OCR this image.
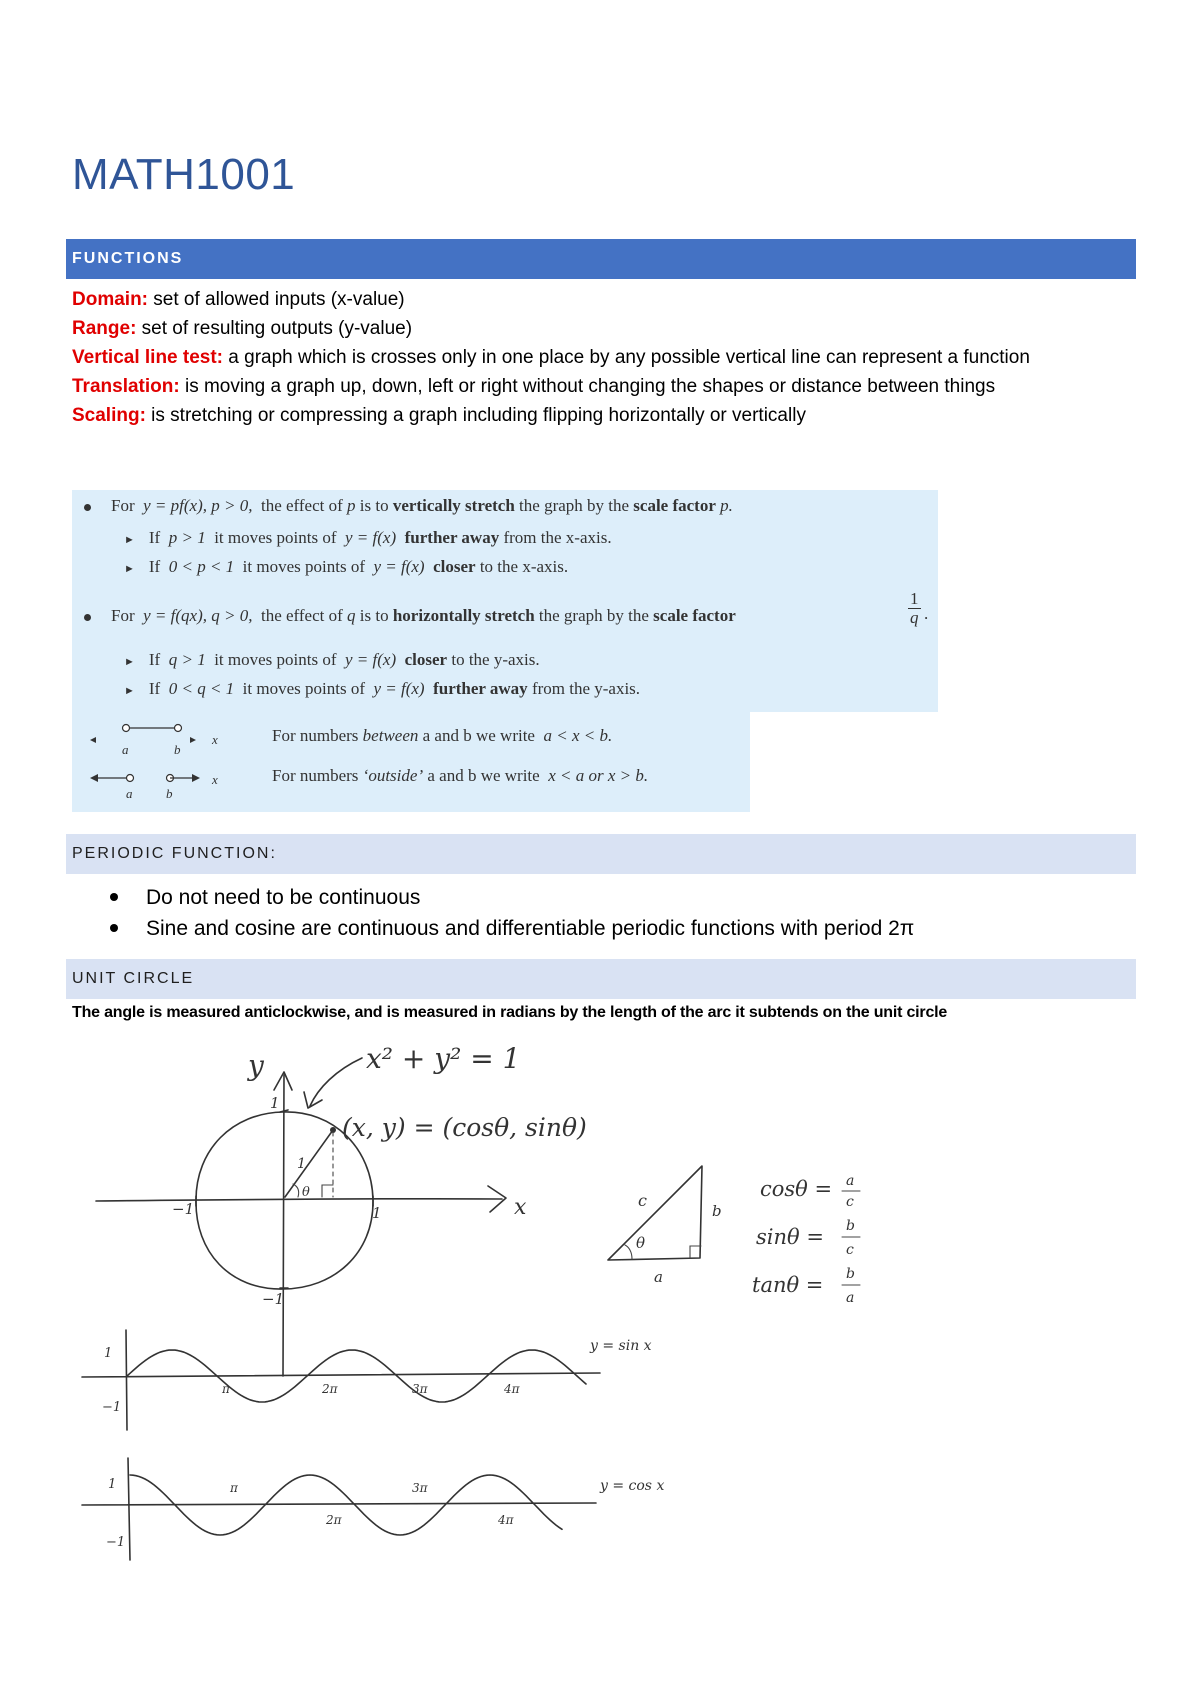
MATH1001
FUNCTIONS

Domain: set of allowed inputs (x-value)

Range: set of resulting outputs (y-value)

Vertical line test: a graph which is crosses only in one place by any possible vertical line can represent a function

Translation: is moving a graph up, down, left or right without changing the shapes or distance between things

Scaling: is stretching or compressing a graph including flipping horizontally or vertically

For y = pf(x), p > 0, the effect of p is to vertically stretch the graph by the scale factor p.
► If p > 1 it moves points of y = f(x) further away from the x-axis.
► If 0 < p < 1 it moves points of y = f(x) closer to the x-axis.
For y = f(qx), q > 0, the effect of q is to horizontally stretch the graph by the scale factor	$\frac{1}{q}$ .
► If q > 1 it moves points of y = f(x) closer to the y-axis.
► If 0 < q < 1 it moves points of y = f(x) further away from the y-axis.
a	b
x
a	b
x
For numbers between a and b we write a < x < b.
For numbers ‘outside’ a and b we write x < a or x > b.
PERIODIC FUNCTION:
Do not need to be continuous
Sine and cosine are continuous and differentiable periodic functions with period 2π
UNIT CIRCLE
The angle is measured anticlockwise, and is measured in radians by the length of the arc it subtends on the unit circle
y
x
x² + y² = 1
(x, y) = (cosθ, sinθ)
1
1
θ
−1	1
−1
θ
c
b
a
cosθ = a
c
sinθ = b
c
tanθ = b
a
1
−1
π	2π	3π	4π
y = sin x
1
−1
π
2π
3π
4π
y = cos x
